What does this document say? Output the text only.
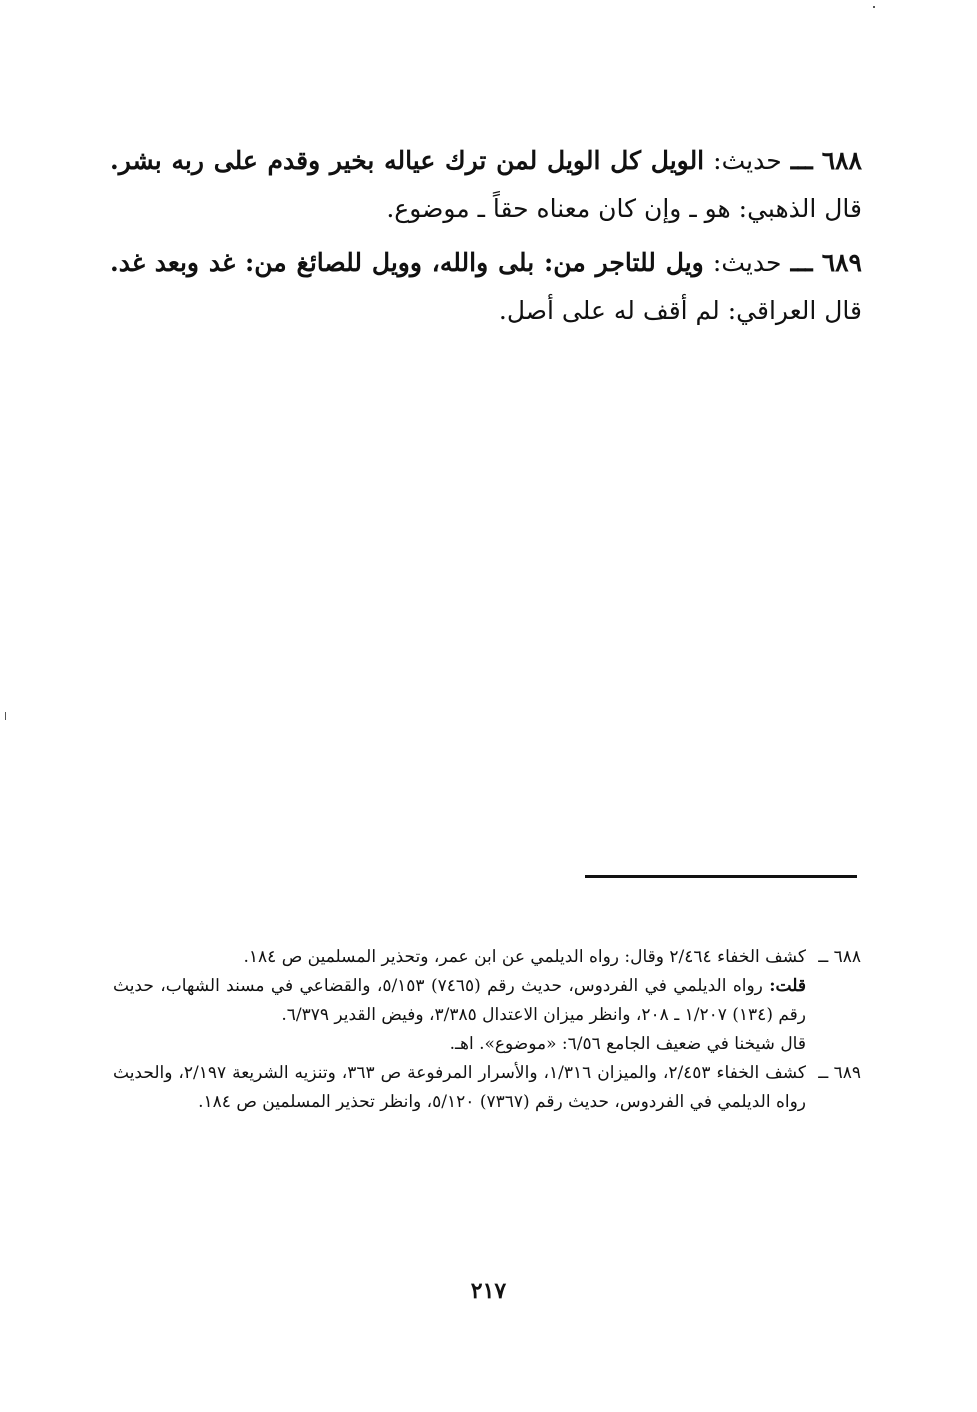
٦٨٨ ـــ حديث: الويل كل الويل لمن ترك عياله بخير وقدم على ربه بشر. قال الذهبي: هو ـ وإن كان معناه حقاً ـ موضوع.

٦٨٩ ـــ حديث: ويل للتاجر من: بلى والله، وويل للصائغ من: غد وبعد غد. قال العراقي: لم أقف له على أصل.

٦٨٨ ــ

كشف الخفاء ٢/٤٦٤ وقال: رواه الديلمي عن ابن عمر، وتحذير المسلمين ص ١٨٤.

قلت: رواه الديلمي في الفردوس، حديث رقم (٧٤٦٥) ٥/١٥٣، والقضاعي في مسند الشهاب، حديث رقم (١٣٤) ١/٢٠٧ ـ ٢٠٨، وانظر ميزان الاعتدال ٣/٣٨٥، وفيض القدير ٦/٣٧٩.

قال شيخنا في ضعيف الجامع ٦/٥٦: «موضوع». اهـ.

٦٨٩ ــ

كشف الخفاء ٢/٤٥٣، والميزان ١/٣١٦، والأسرار المرفوعة ص ٣٦٣، وتنزيه الشريعة ٢/١٩٧، والحديث رواه الديلمي في الفردوس، حديث رقم (٧٣٦٧) ٥/١٢٠، وانظر تحذير المسلمين ص ١٨٤.

٢١٧
